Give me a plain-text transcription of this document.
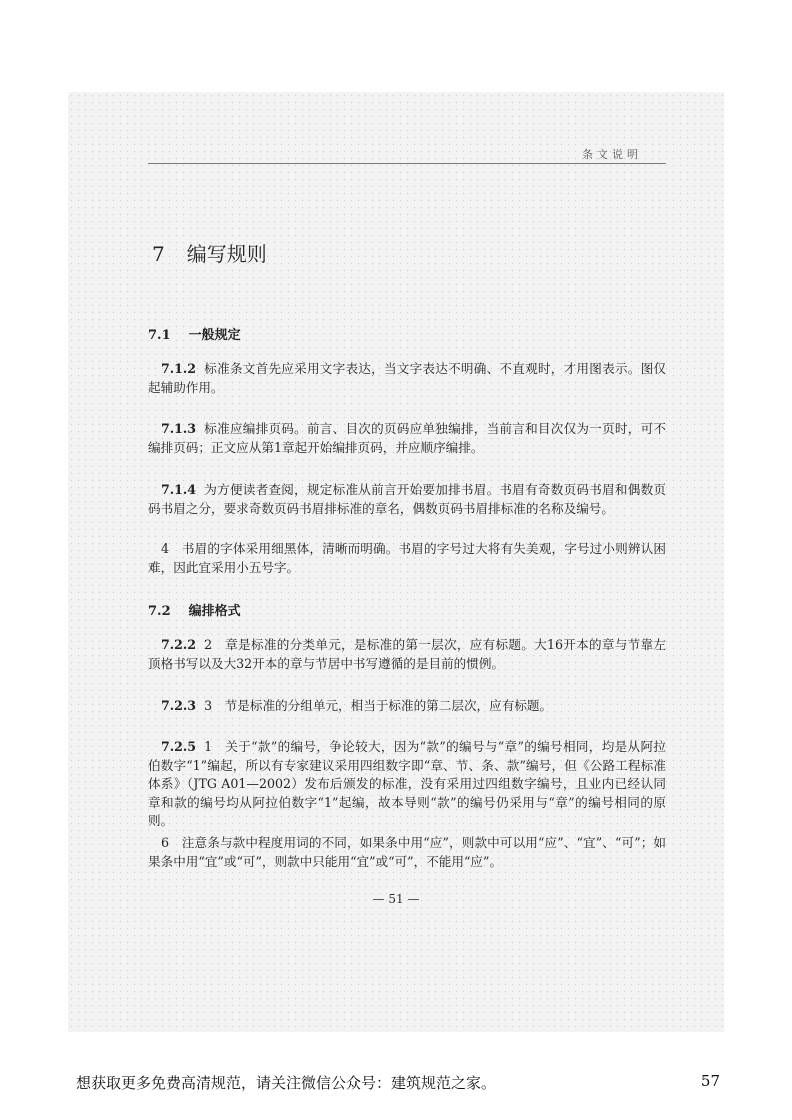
条文说明
7 编写规则
7.1 一般规定

7.1.2 标准条文首先应采用文字表达，当文字表达不明确、不直观时，才用图表示。图仅起辅助作用。

7.1.3 标准应编排页码。前言、目次的页码应单独编排，当前言和目次仅为一页时，可不编排页码；正文应从第1章起开始编排页码，并应顺序编排。

7.1.4 为方便读者查阅，规定标准从前言开始要加排书眉。书眉有奇数页码书眉和偶数页码书眉之分，要求奇数页码书眉排标准的章名，偶数页码书眉排标准的名称及编号。

4　书眉的字体采用细黑体，清晰而明确。书眉的字号过大将有失美观，字号过小则辨认困难，因此宜采用小五号字。

7.2 编排格式

7.2.2 2　章是标准的分类单元，是标准的第一层次，应有标题。大16开本的章与节靠左顶格书写以及大32开本的章与节居中书写遵循的是目前的惯例。

7.2.3 3　节是标准的分组单元，相当于标准的第二层次，应有标题。

7.2.5 1　关于“款”的编号，争论较大，因为“款”的编号与“章”的编号相同，均是从阿拉伯数字“1”编起，所以有专家建议采用四组数字即“章、节、条、款”编号，但《公路工程标准体系》（JTG A01—2002）发布后颁发的标准，没有采用过四组数字编号，且业内已经认同章和款的编号均从阿拉伯数字“1”起编，故本导则“款”的编号仍采用与“章”的编号相同的原则。

6　注意条与款中程度用词的不同，如果条中用“应”，则款中可以用“应”、“宜”、“可”；如果条中用“宜”或“可”，则款中只能用“宜”或“可”，不能用“应”。

— 51 —
想获取更多免费高清规范，请关注微信公众号：建筑规范之家。	57
